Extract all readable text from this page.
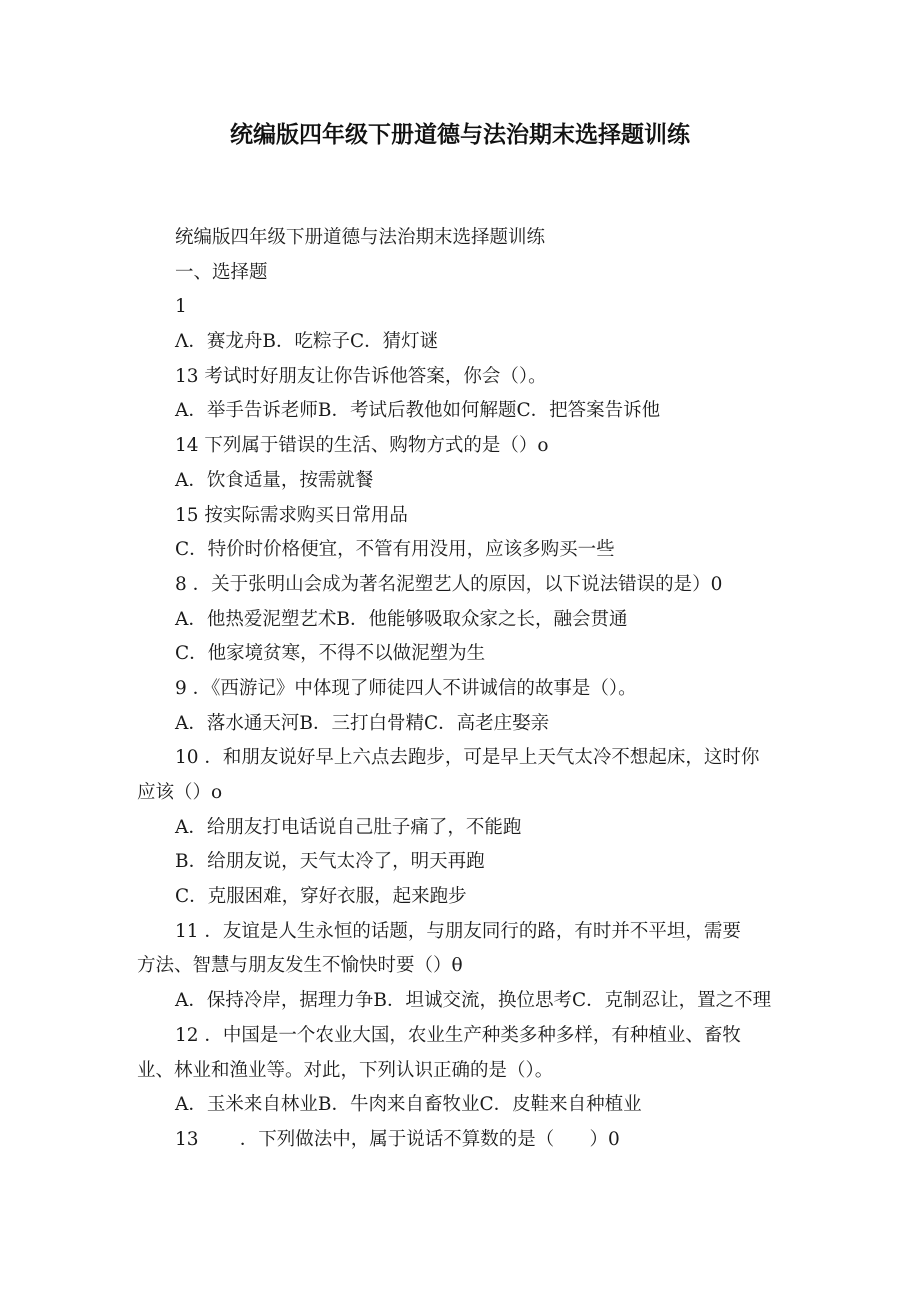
统编版四年级下册道德与法治期末选择题训练
统编版四年级下册道德与法治期末选择题训练
一、选择题
1
Λ．赛龙舟B．吃粽子C．猜灯谜
13 考试时好朋友让你告诉他答案，你会（）。
A．举手告诉老师B．考试后教他如何解题C．把答案告诉他
14 下列属于错误的生活、购物方式的是（）o
A．饮食适量，按需就餐
15 按实际需求购买日常用品
C．特价时价格便宜，不管有用没用，应该多购买一些
8 ．关于张明山会成为著名泥塑艺人的原因，以下说法错误的是）0
A．他热爱泥塑艺术B．他能够吸取众家之长，融会贯通
C．他家境贫寒，不得不以做泥塑为生
9 ．《西游记》中体现了师徒四人不讲诚信的故事是（）。
A．落水通天河B．三打白骨精C．高老庄娶亲
10 ．和朋友说好早上六点去跑步，可是早上天气太冷不想起床，这时你
应该（）o
A．给朋友打电话说自己肚子痛了，不能跑
B．给朋友说，天气太冷了，明天再跑
C．克服困难，穿好衣服，起来跑步
11 ．友谊是人生永恒的话题，与朋友同行的路，有时并不平坦，需要
方法、智慧与朋友发生不愉快时要（）θ
A．保持冷岸，据理力争B．坦诚交流，换位思考C．克制忍让，置之不理
12 ．中国是一个农业大国，农业生产种类多种多样，有种植业、畜牧
业、林业和渔业等。对此，下列认识正确的是（）。
A．玉米来自林业B．牛肉来自畜牧业C．皮鞋来自种植业
13       ．下列做法中，属于说话不算数的是（      ）0
